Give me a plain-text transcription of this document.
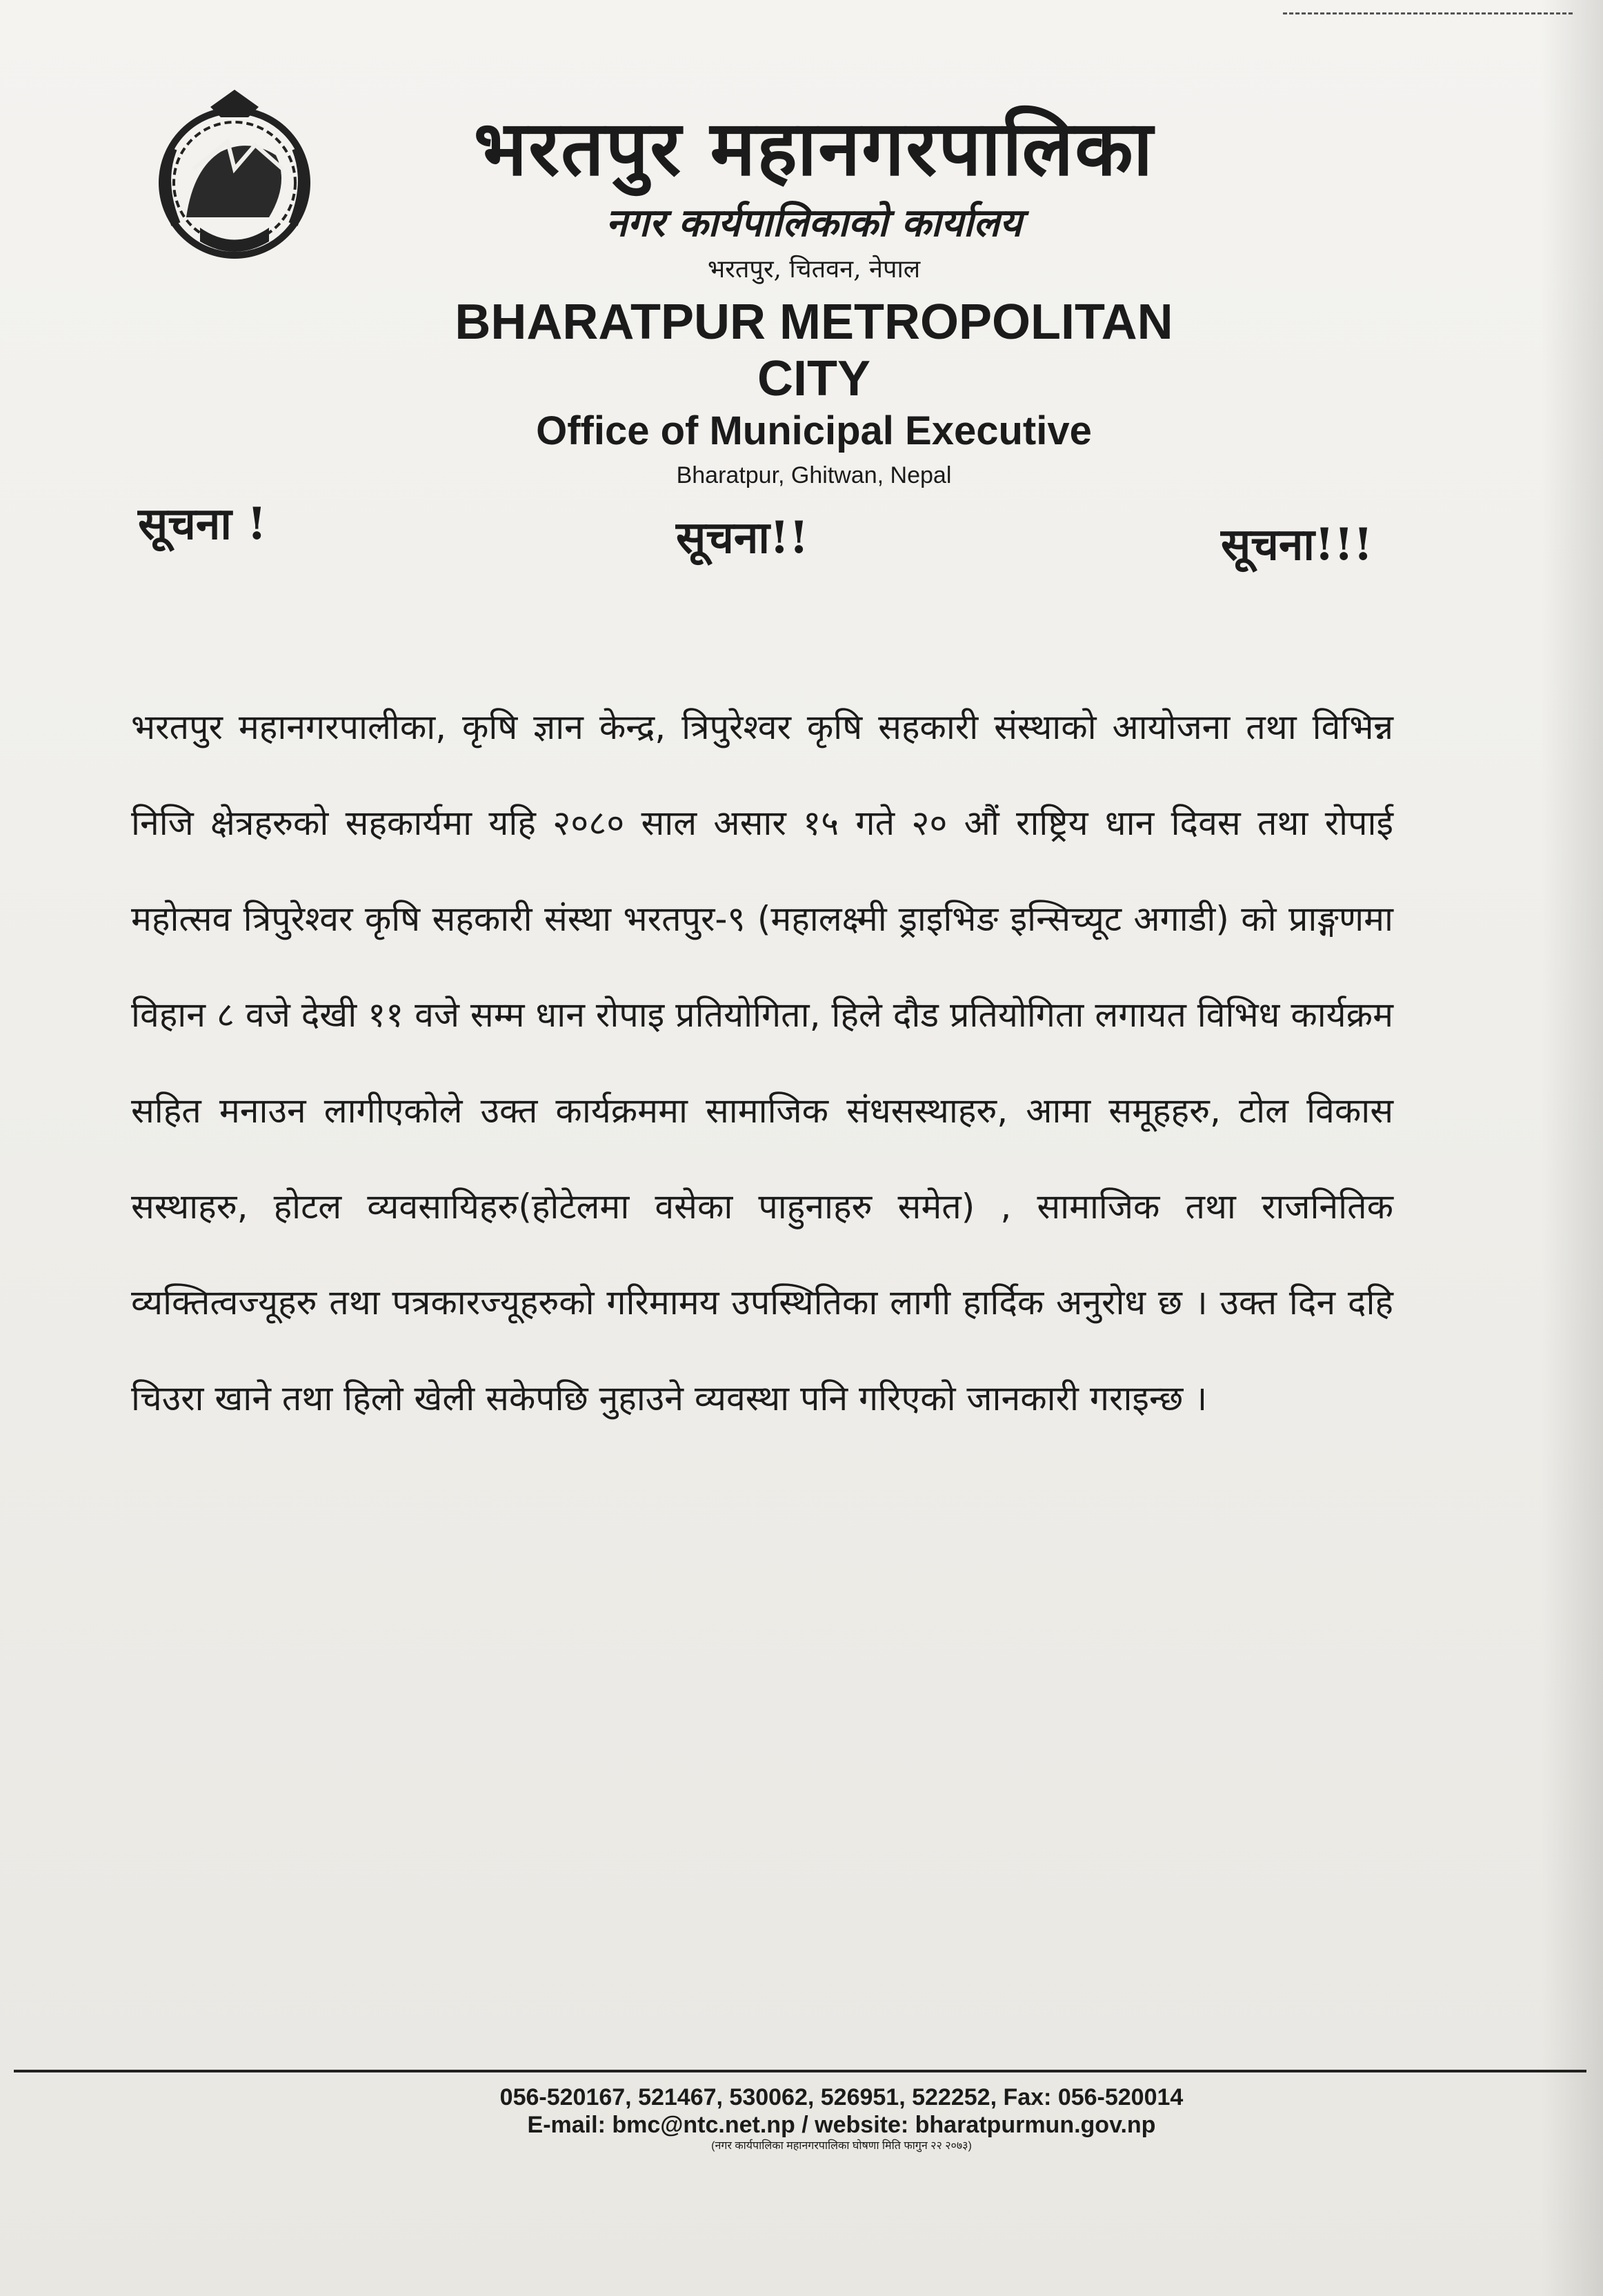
भरतपुर महानगरपालिका
नगर कार्यपालिकाको कार्यालय
भरतपुर, चितवन, नेपाल
BHARATPUR METROPOLITAN CITY
Office of Municipal Executive
Bharatpur, Ghitwan, Nepal
सूचना !	सूचना!!	सूचना!!!
भरतपुर महानगरपालीका, कृषि ज्ञान केन्द्र, त्रिपुरेश्वर कृषि सहकारी संस्थाको आयोजना तथा विभिन्न निजि क्षेत्रहरुको सहकार्यमा यहि २०८० साल असार १५ गते २० औं राष्ट्रिय धान दिवस तथा रोपाई महोत्सव त्रिपुरेश्वर कृषि सहकारी संस्था भरतपुर-९ (महालक्ष्मी ड्राइभिङ इन्सिच्यूट अगाडी) को प्राङ्गणमा विहान ८ वजे देखी ११ वजे सम्म धान रोपाइ प्रतियोगिता, हिले दौड प्रतियोगिता लगायत विभिध कार्यक्रम सहित मनाउन लागीएकोले उक्त कार्यक्रममा सामाजिक संधसस्थाहरु, आमा समूहहरु, टोल विकास सस्थाहरु, होटल व्यवसायिहरु(होटेलमा वसेका पाहुनाहरु समेत) , सामाजिक तथा राजनितिक व्यक्तित्वज्यूहरु तथा पत्रकारज्यूहरुको गरिमामय उपस्थितिका लागी हार्दिक अनुरोध छ । उक्त दिन दहि चिउरा खाने तथा हिलो खेली सकेपछि नुहाउने व्यवस्था पनि गरिएको जानकारी गराइन्छ ।
056-520167, 521467, 530062, 526951, 522252, Fax: 056-520014
E-mail: bmc@ntc.net.np / website: bharatpurmun.gov.np
(नगर कार्यपालिका महानगरपालिका घोषणा मिति फागुन २२ २०७३)
